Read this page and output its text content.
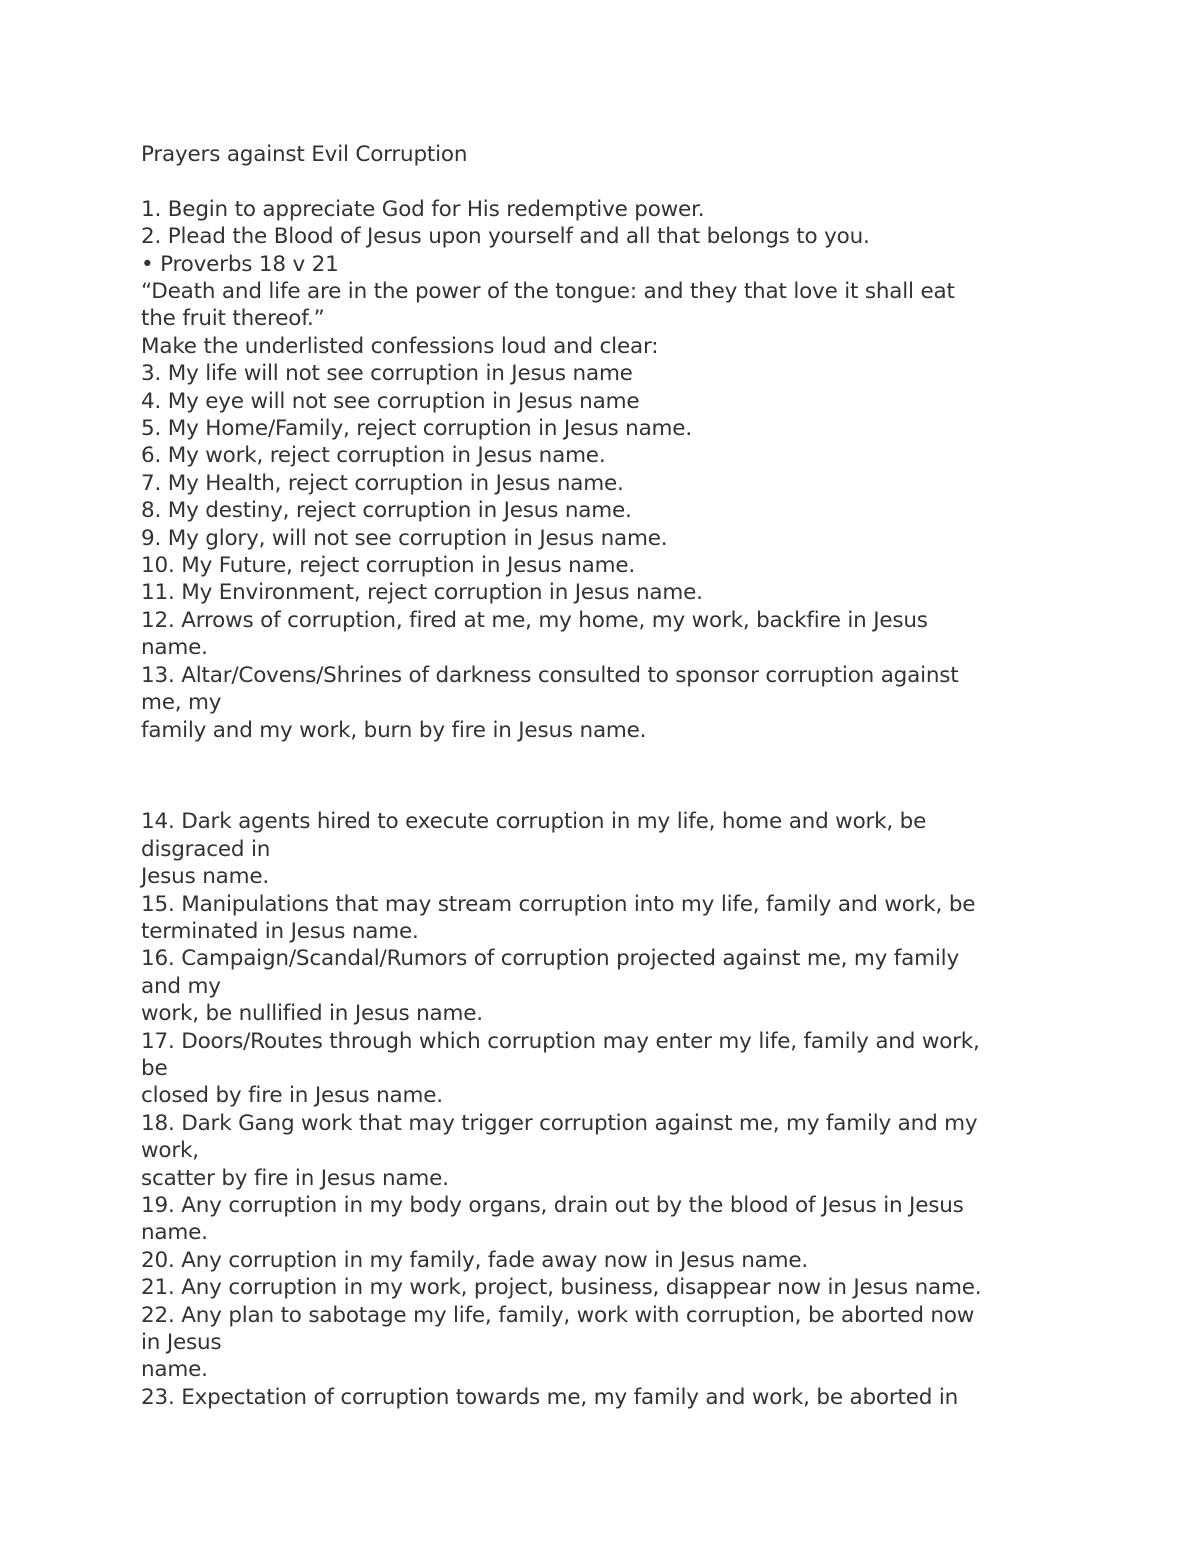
Prayers against Evil Corruption
1. Begin to appreciate God for His redemptive power.
2. Plead the Blood of Jesus upon yourself and all that belongs to you.
• Proverbs 18 v 21
“Death and life are in the power of the tongue: and they that love it shall eat
the fruit thereof.”
Make the underlisted confessions loud and clear:
3. My life will not see corruption in Jesus name
4. My eye will not see corruption in Jesus name
5. My Home/Family, reject corruption in Jesus name.
6. My work, reject corruption in Jesus name.
7. My Health, reject corruption in Jesus name.
8. My destiny, reject corruption in Jesus name.
9. My glory, will not see corruption in Jesus name.
10. My Future, reject corruption in Jesus name.
11. My Environment, reject corruption in Jesus name.
12. Arrows of corruption, fired at me, my home, my work, backfire in Jesus
name.
13. Altar/Covens/Shrines of darkness consulted to sponsor corruption against
me, my
family and my work, burn by fire in Jesus name.
14. Dark agents hired to execute corruption in my life, home and work, be
disgraced in
Jesus name.
15. Manipulations that may stream corruption into my life, family and work, be
terminated in Jesus name.
16. Campaign/Scandal/Rumors of corruption projected against me, my family
and my
work, be nullified in Jesus name.
17. Doors/Routes through which corruption may enter my life, family and work,
be
closed by fire in Jesus name.
18. Dark Gang work that may trigger corruption against me, my family and my
work,
scatter by fire in Jesus name.
19. Any corruption in my body organs, drain out by the blood of Jesus in Jesus
name.
20. Any corruption in my family, fade away now in Jesus name.
21. Any corruption in my work, project, business, disappear now in Jesus name.
22. Any plan to sabotage my life, family, work with corruption, be aborted now
in Jesus
name.
23. Expectation of corruption towards me, my family and work, be aborted in
